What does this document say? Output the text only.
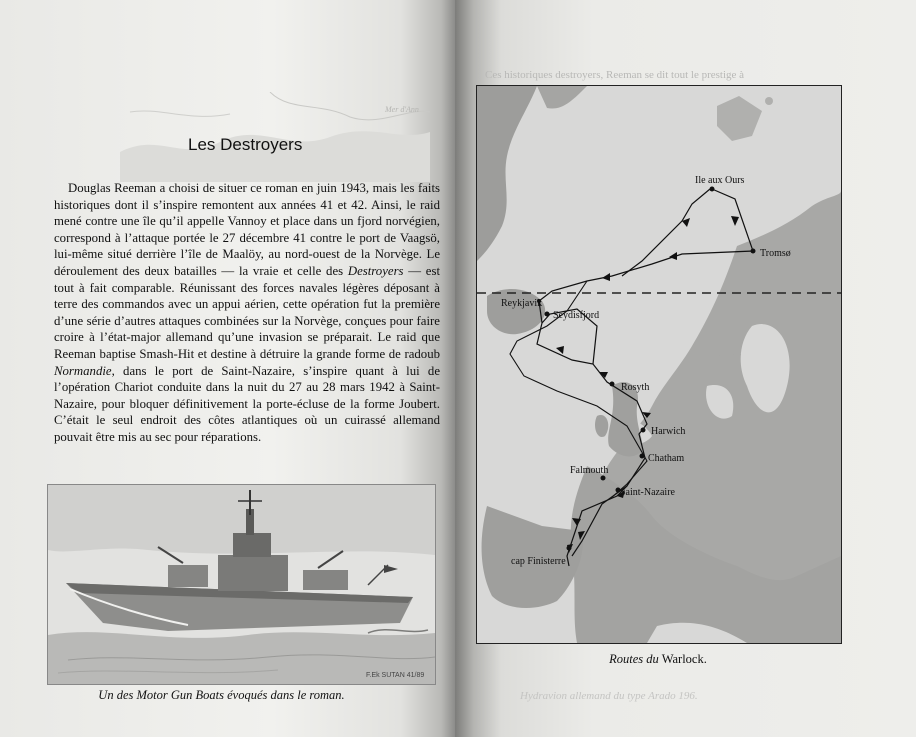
Mer d'Ann
Les Destroyers

Douglas Reeman a choisi de situer ce roman en juin 1943, mais les faits historiques dont il s’inspire remontent aux années 41 et 42. Ainsi, le raid mené contre une île qu’il appelle Vannoy et place dans un fjord norvégien, correspond à l’attaque portée le 27 décembre 41 contre le port de Vaagsö, lui-même situé derrière l’île de Maalöy, au nord-ouest de la Norvège. Le déroulement des deux batailles — la vraie et celle des Destroyers — est tout à fait comparable. Réunissant des forces navales légères déposant à terre des commandos avec un appui aérien, cette opération fut la première d’une série d’autres attaques combinées sur la Norvège, conçues pour faire croire à l’état-major allemand qu’une invasion se préparait. Le raid que Reeman baptise Smash-Hit et destine à détruire la grande forme de radoub Normandie, dans le port de Saint-Nazaire, s’inspire quant à lui de l’opération Chariot conduite dans la nuit du 27 au 28 mars 1942 à Saint-Nazaire, pour bloquer définitivement la porte-écluse de la forme Joubert. C’était le seul endroit des côtes atlantiques où un cuirassé allemand pouvait être mis au sec pour réparations.

F.Ek SUTAN 41/89
Un des Motor Gun Boats évoqués dans le roman.
Ces historiques destroyers, Reeman se dit tout le prestige à
Ile aux Ours
Tromsø
Reykjavik
Seydisfjord
Rosyth
Harwich
Chatham
Falmouth
Saint-Nazaire
cap Finisterre
Routes du Warlock.
Hydravion allemand du type Arado 196.
